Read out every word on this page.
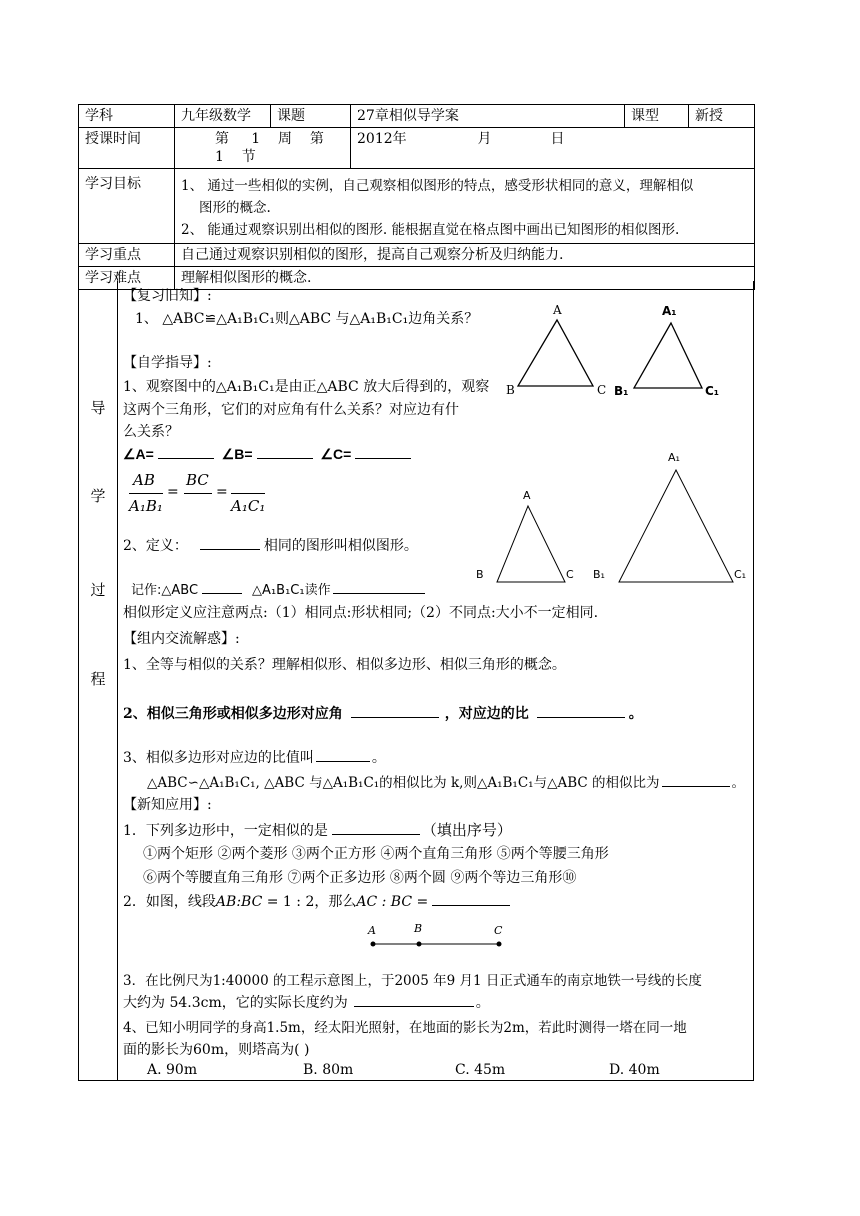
学科	九年级数学	课题	27章相似导学案	课型	新授
授课时间	第 1 周 第    1 节		2012年 月 日		
学习目标	1、 通过一些相似的实例，自己观察相似图形的特点，感受形状相同的意义，理解相似
图形的概念.
2、 能通过观察识别出相似的图形. 能根据直觉在格点图中画出已知图形的相似图形.				

学习重点	自己通过观察识别相似的图形，提高自己观察分析及归纳能力.				
学习难点	理解相似图形的概念.				
导
学
过
程
【复习旧知】:
1、 △ABC≌△A₁B₁C₁则△ABC 与△A₁B₁C₁边角关系？
【自学指导】:
1、观察图中的△A₁B₁C₁是由正△ABC 放大后得到的，观察
这两个三角形，它们的对应角有什么关系？对应边有什
么关系？
∠A=	∠B=	∠C=
AB
A₁B₁
=
BC
=
A₁C₁
2、定义：	相同的图形叫相似图形。
记作:△ABC	△A₁B₁C₁读作
相似形定义应注意两点:（1）相同点:形状相同;（2）不同点:大小不一定相同.
【组内交流解惑】:
1、全等与相似的关系？理解相似形、相似多边形、相似三角形的概念。
2、相似三角形或相似多边形对应角	，对应边的比	。
3、相似多边形对应边的比值叫	。
△ABC∽△A₁B₁C₁, △ABC 与△A₁B₁C₁的相似比为 k,则△A₁B₁C₁与△ABC 的相似比为	。
【新知应用】:
1．下列多边形中，一定相似的是	（填出序号）
①两个矩形 ②两个菱形 ③两个正方形 ④两个直角三角形 ⑤两个等腰三角形
⑥两个等腰直角三角形 ⑦两个正多边形 ⑧两个圆 ⑨两个等边三角形⑩
2．如图，线段AB:BC = 1 : 2，那么AC : BC =
A	B	C
3．在比例尺为1:40000 的工程示意图上，于2005 年9 月1 日正式通车的南京地铁一号线的长度
大约为 54.3cm，它的实际长度约为	。
4、已知小明同学的身高1.5m，经太阳光照射，在地面的影长为2m，若此时测得一塔在同一地
面的影长为60m，则塔高为( )
A. 90m	B. 80m	C. 45m	D. 40m
A
B	C
A₁
B₁	C₁
A
B	C
A₁
B₁	C₁
